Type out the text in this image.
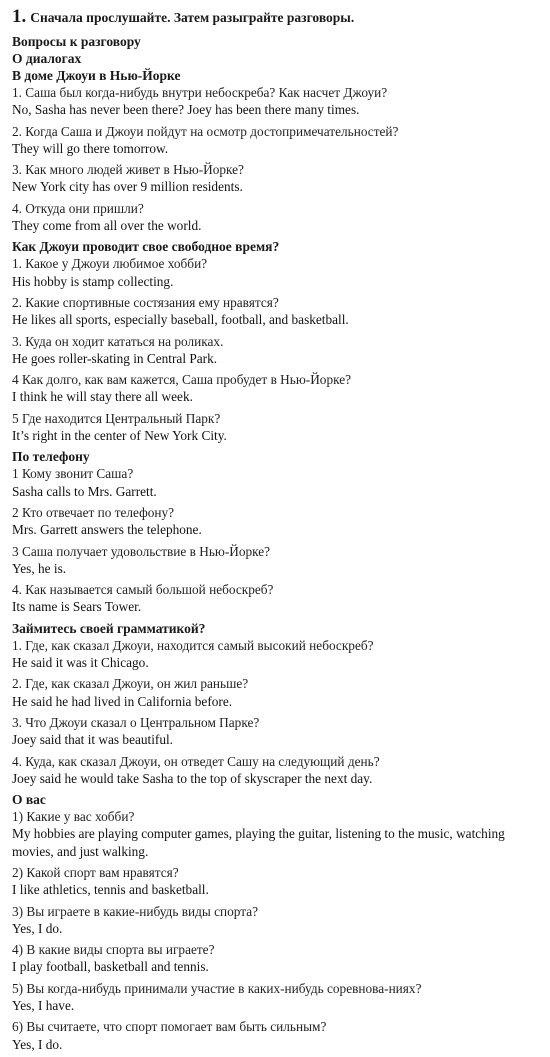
1. Сначала прослушайте. Затем разыграйте разговоры.
Вопросы к разговору
О диалогах
В доме Джоуи в Нью-Йорке
1. Саша был когда-нибудь внутри небоскреба? Как насчет Джоуи?
No, Sasha has never been there? Joey has been there many times.
2. Когда Саша и Джоуи пойдут на осмотр достопримечательностей?
They will go there tomorrow.
3. Как много людей живет в Нью-Йорке?
New York city has over 9 million residents.
4. Откуда они пришли?
They come from all over the world.
Как Джоуи проводит свое свободное время?
1. Какое у Джоуи любимое хобби?
His hobby is stamp collecting.
2. Какие спортивные состязания ему нравятся?
He likes all sports, especially baseball, football, and basketball.
3. Куда он ходит кататься на роликах.
He goes roller-skating in Central Park.
4 Как долго, как вам кажется, Саша пробудет в Нью-Йорке?
I think he will stay there all week.
5 Где находится Центральный Парк?
It’s right in the center of New York City.
По телефону
1 Кому звонит Саша?
Sasha calls to Mrs. Garrett.
2 Кто отвечает по телефону?
Mrs. Garrett answers the telephone.
3 Саша получает удовольствие в Нью-Йорке?
Yes, he is.
4. Как называется самый большой небоскреб?
Its name is Sears Tower.
Займитесь своей грамматикой?
1. Где, как сказал Джоуи, находится самый высокий небоскреб?
He said it was it Chicago.
2. Где, как сказал Джоуи, он жил раньше?
He said he had lived in California before.
3. Что Джоуи сказал о Центральном Парке?
Joey said that it was beautiful.
4. Куда, как сказал Джоуи, он отведет Сашу на следующий день?
Joey said he would take Sasha to the top of skyscraper the next day.
О вас
1) Какие у вас хобби?
My hobbies are playing computer games, playing the guitar, listening to the music, watching movies, and just walking.
2) Какой спорт вам нравятся?
I like athletics, tennis and basketball.
3) Вы играете в какие-нибудь виды спорта?
Yes, I do.
4) В какие виды спорта вы играете?
I play football, basketball and tennis.
5) Вы когда-нибудь принимали участие в каких-нибудь соревнова-ниях?
Yes, I have.
6) Вы считаете, что спорт помогает вам быть сильным?
Yes, I do.
